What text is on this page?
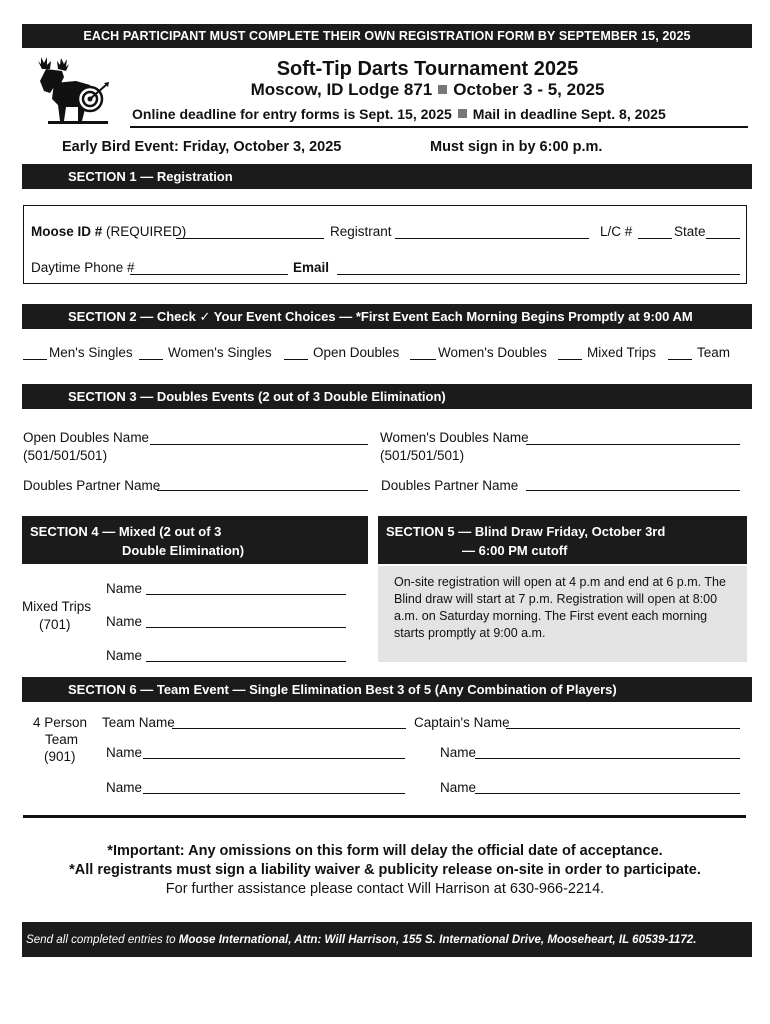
EACH PARTICIPANT MUST COMPLETE THEIR OWN REGISTRATION FORM BY SEPTEMBER 15, 2025
Soft-Tip Darts Tournament 2025
Moscow, ID Lodge 871 October 3 - 5, 2025
Online deadline for entry forms is Sept. 15, 2025 Mail in deadline Sept. 8, 2025
Early Bird Event: Friday, October 3, 2025	Must sign in by 6:00 p.m.
SECTION 1 — Registration
Moose ID # (REQUIRED)	Registrant	L/C #	State
Daytime Phone #	Email
SECTION 2 — Check ✓ Your Event Choices — *First Event Each Morning Begins Promptly at 9:00 AM
Men's Singles	Women's Singles	Open Doubles	Women's Doubles	Mixed Trips	Team
SECTION 3 — Doubles Events (2 out of 3 Double Elimination)
Open Doubles Name
(501/501/501)
Women's Doubles Name
(501/501/501)
Doubles Partner Name	Doubles Partner Name
SECTION 4 — Mixed (2 out of 3
Double Elimination)
Mixed Trips
(701)
Name
Name
Name
SECTION 5 — Blind Draw Friday, October 3rd
— 6:00 PM cutoff
On-site registration will open at 4 p.m and end at 6 p.m. The Blind draw will start at 7 p.m. Registration will open at 8:00 a.m. on Saturday morning. The First event each morning starts promptly at 9:00 a.m.
SECTION 6 — Team Event — Single Elimination Best 3 of 5 (Any Combination of Players)
4 Person
Team
(901)
Team Name	Captain's Name
Name	Name
Name	Name
*Important: Any omissions on this form will delay the official date of acceptance.
*All registrants must sign a liability waiver & publicity release on-site in order to participate.
For further assistance please contact Will Harrison at 630-966-2214.
Send all completed entries to
Moose International, Attn: Will Harrison, 155 S. International Drive, Mooseheart, IL 60539-1172.
